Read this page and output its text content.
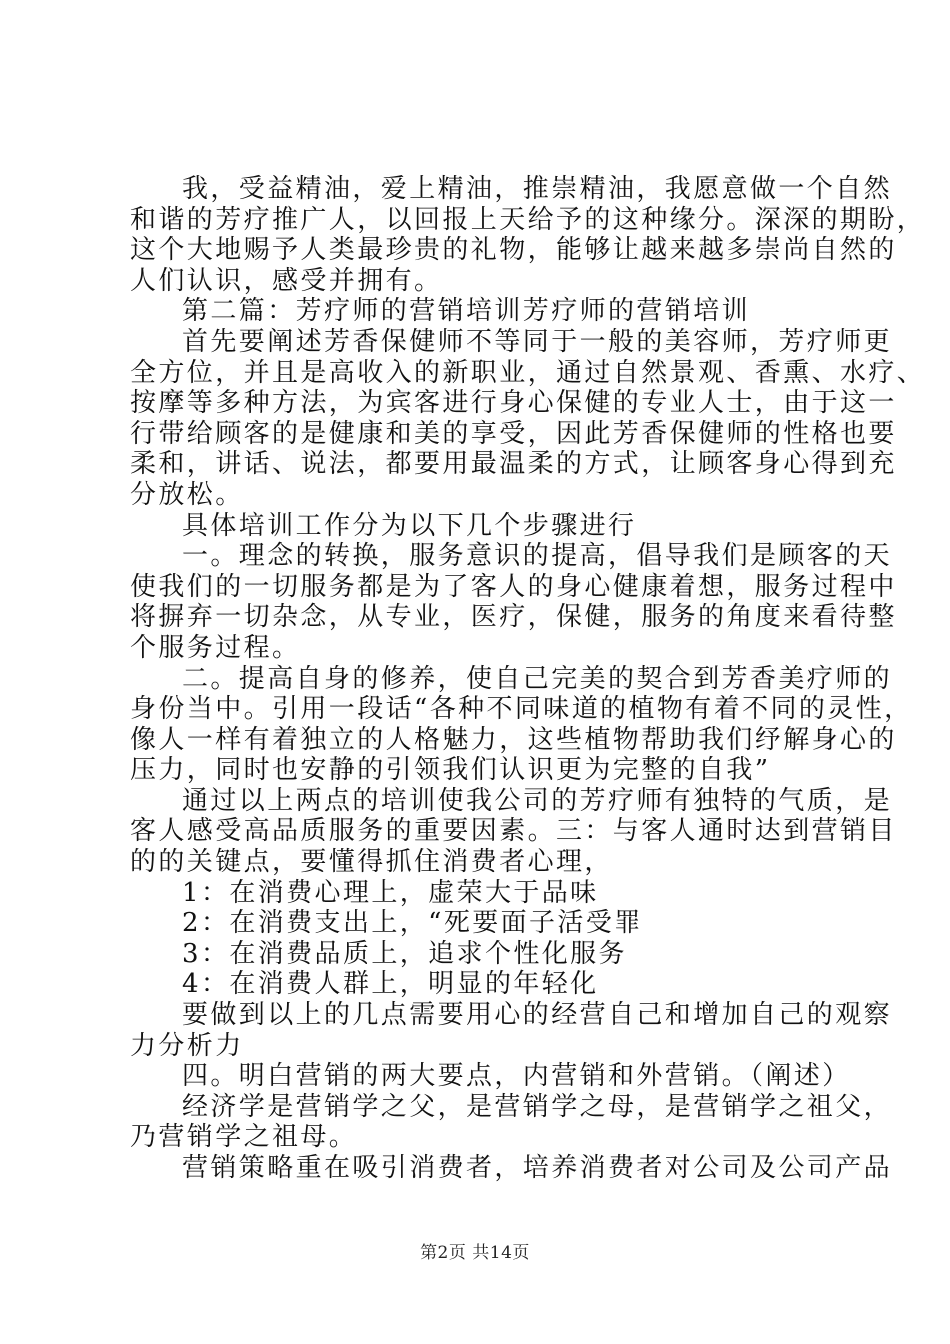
我，受益精油，爱上精油，推崇精油，我愿意做一个自然
和谐的芳疗推广人，以回报上天给予的这种缘分。深深的期盼，
这个大地赐予人类最珍贵的礼物，能够让越来越多崇尚自然的
人们认识，感受并拥有。
第二篇：芳疗师的营销培训芳疗师的营销培训
首先要阐述芳香保健师不等同于一般的美容师，芳疗师更
全方位，并且是高收入的新职业，通过自然景观、香熏、水疗、
按摩等多种方法，为宾客进行身心保健的专业人士，由于这一
行带给顾客的是健康和美的享受，因此芳香保健师的性格也要
柔和，讲话、说法，都要用最温柔的方式，让顾客身心得到充
分放松。
具体培训工作分为以下几个步骤进行
一。理念的转换，服务意识的提高，倡导我们是顾客的天
使我们的一切服务都是为了客人的身心健康着想，服务过程中
将摒弃一切杂念，从专业，医疗，保健，服务的角度来看待整
个服务过程。
二。提高自身的修养，使自己完美的契合到芳香美疗师的
身份当中。引用一段话“各种不同味道的植物有着不同的灵性，
像人一样有着独立的人格魅力，这些植物帮助我们纾解身心的
压力，同时也安静的引领我们认识更为完整的自我”
通过以上两点的培训使我公司的芳疗师有独特的气质，是
客人感受高品质服务的重要因素。三：与客人通时达到营销目
的的关键点，要懂得抓住消费者心理，
1：在消费心理上，虚荣大于品味
2：在消费支出上，“死要面子活受罪
3：在消费品质上，追求个性化服务
4：在消费人群上，明显的年轻化
要做到以上的几点需要用心的经营自己和增加自己的观察
力分析力
四。明白营销的两大要点，内营销和外营销。（阐述）
经济学是营销学之父，是营销学之母，是营销学之祖父，
乃营销学之祖母。
营销策略重在吸引消费者，培养消费者对公司及公司产品
第2页 共14页
